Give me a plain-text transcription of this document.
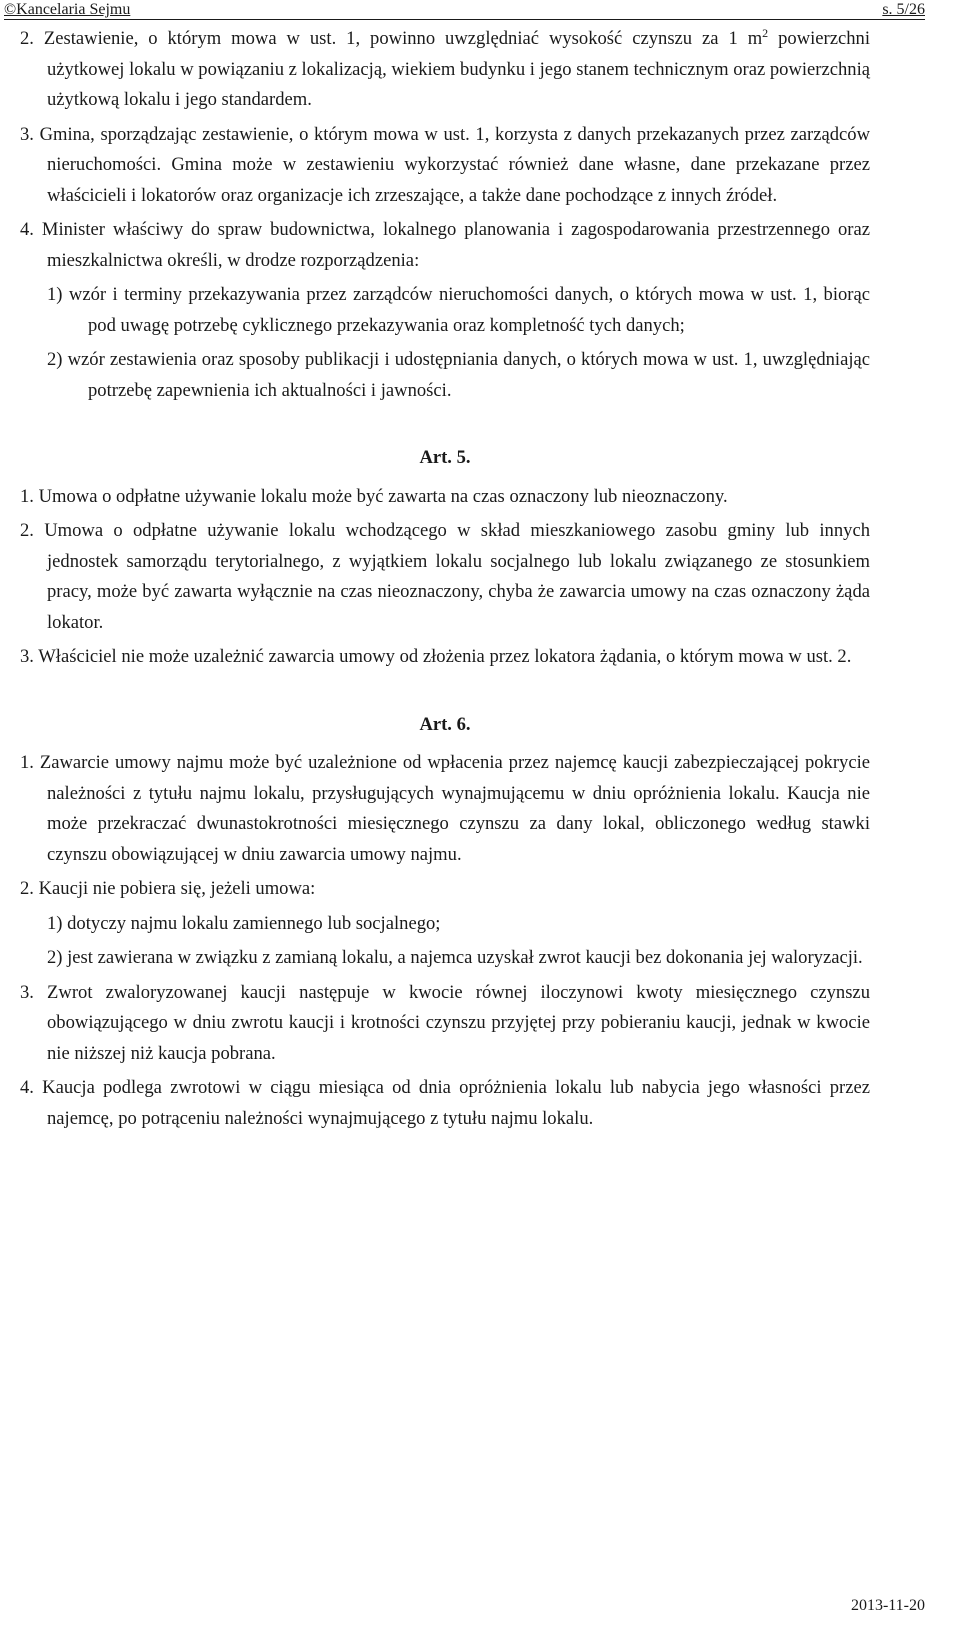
©Kancelaria Sejmu	s. 5/26

2. Zestawienie, o którym mowa w ust. 1, powinno uwzględniać wysokość czynszu za 1 $m^2$ powierzchni użytkowej lokalu w powiązaniu z lokalizacją, wiekiem budynku i jego stanem technicznym oraz powierzchnią użytkową lokalu i jego standardem.

3. Gmina, sporządzając zestawienie, o którym mowa w ust. 1, korzysta z danych przekazanych przez zarządców nieruchomości. Gmina może w zestawieniu wykorzystać również dane własne, dane przekazane przez właścicieli i lokatorów oraz organizacje ich zrzeszające, a także dane pochodzące z innych źródeł.

4. Minister właściwy do spraw budownictwa, lokalnego planowania i zagospodarowania przestrzennego oraz mieszkalnictwa określi, w drodze rozporządzenia:

1) wzór i terminy przekazywania przez zarządców nieruchomości danych, o których mowa w ust. 1, biorąc pod uwagę potrzebę cyklicznego przekazywania oraz kompletność tych danych;

2) wzór zestawienia oraz sposoby publikacji i udostępniania danych, o których mowa w ust. 1, uwzględniając potrzebę zapewnienia ich aktualności i jawności.

Art. 5.

1. Umowa o odpłatne używanie lokalu może być zawarta na czas oznaczony lub nieoznaczony.

2. Umowa o odpłatne używanie lokalu wchodzącego w skład mieszkaniowego zasobu gminy lub innych jednostek samorządu terytorialnego, z wyjątkiem lokalu socjalnego lub lokalu związanego ze stosunkiem pracy, może być zawarta wyłącznie na czas nieoznaczony, chyba że zawarcia umowy na czas oznaczony żąda lokator.

3. Właściciel nie może uzależnić zawarcia umowy od złożenia przez lokatora żądania, o którym mowa w ust. 2.

Art. 6.

1. Zawarcie umowy najmu może być uzależnione od wpłacenia przez najemcę kaucji zabezpieczającej pokrycie należności z tytułu najmu lokalu, przysługujących wynajmującemu w dniu opróżnienia lokalu. Kaucja nie może przekraczać dwunastokrotności miesięcznego czynszu za dany lokal, obliczonego według stawki czynszu obowiązującej w dniu zawarcia umowy najmu.

2. Kaucji nie pobiera się, jeżeli umowa:

1) dotyczy najmu lokalu zamiennego lub socjalnego;

2) jest zawierana w związku z zamianą lokalu, a najemca uzyskał zwrot kaucji bez dokonania jej waloryzacji.

3. Zwrot zwaloryzowanej kaucji następuje w kwocie równej iloczynowi kwoty miesięcznego czynszu obowiązującego w dniu zwrotu kaucji i krotności czynszu przyjętej przy pobieraniu kaucji, jednak w kwocie nie niższej niż kaucja pobrana.

4. Kaucja podlega zwrotowi w ciągu miesiąca od dnia opróżnienia lokalu lub nabycia jego własności przez najemcę, po potrąceniu należności wynajmującego z tytułu najmu lokalu.

2013-11-20
